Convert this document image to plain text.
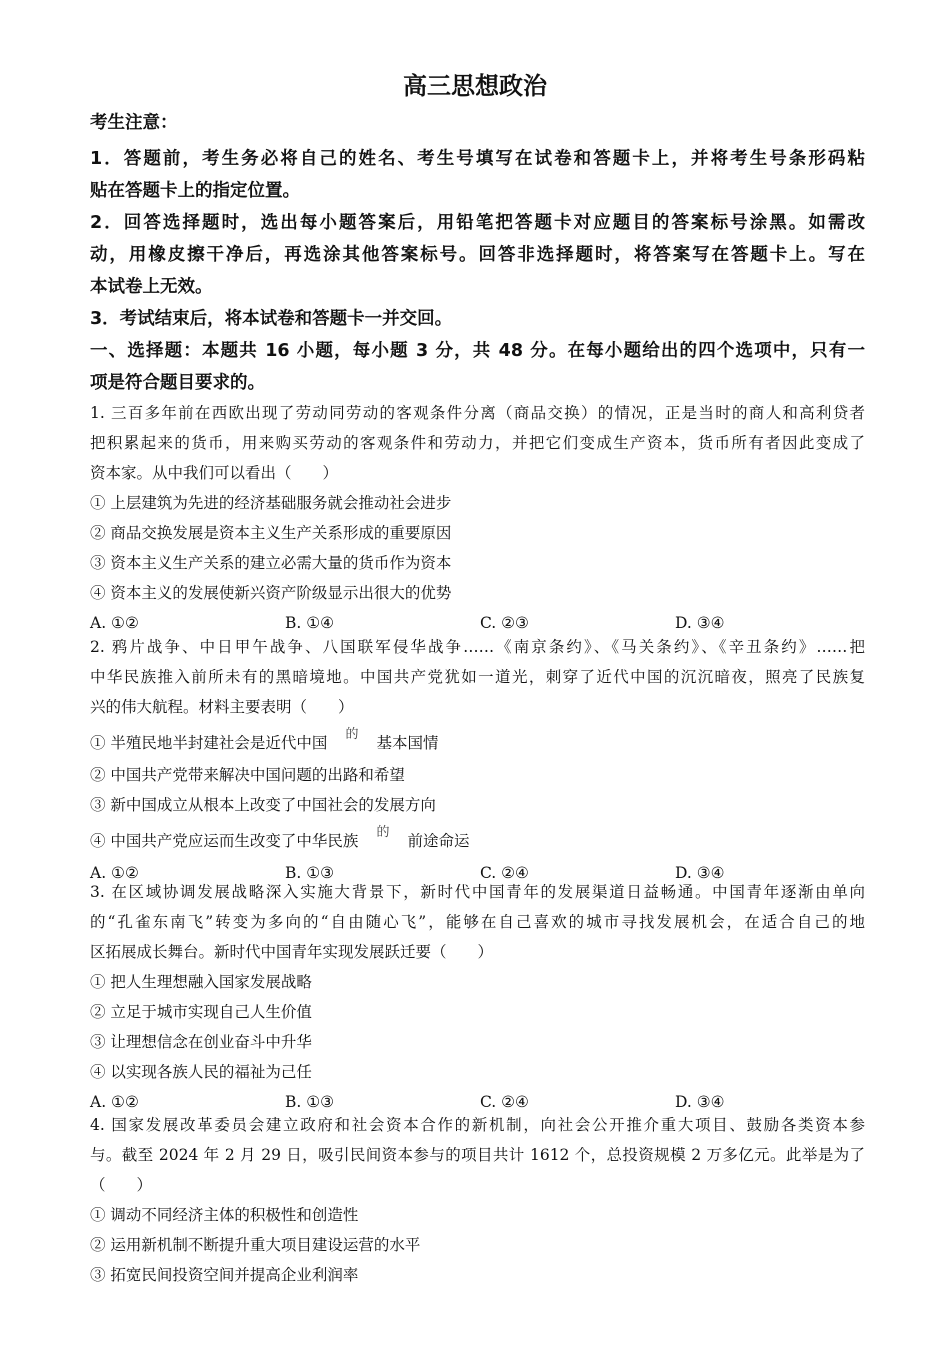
高三思想政治
考生注意：
1．答题前，考生务必将自己的姓名、考生号填写在试卷和答题卡上，并将考生号条形码粘
贴在答题卡上的指定位置。
2．回答选择题时，选出每小题答案后，用铅笔把答题卡对应题目的答案标号涂黑。如需改
动，用橡皮擦干净后，再选涂其他答案标号。回答非选择题时，将答案写在答题卡上。写在
本试卷上无效。
3．考试结束后，将本试卷和答题卡一并交回。
一、选择题：本题共 16 小题，每小题 3 分，共 48 分。在每小题给出的四个选项中，只有一
项是符合题目要求的。
1. 三百多年前在西欧出现了劳动同劳动的客观条件分离（商品交换）的情况，正是当时的商人和高利贷者
把积累起来的货币，用来购买劳动的客观条件和劳动力，并把它们变成生产资本，货币所有者因此变成了
资本家。从中我们可以看出（　　）
① 上层建筑为先进的经济基础服务就会推动社会进步
② 商品交换发展是资本主义生产关系形成的重要原因
③ 资本主义生产关系的建立必需大量的货币作为资本
④ 资本主义的发展使新兴资产阶级显示出很大的优势
A. ①②	B. ①④	C. ②③	D. ③④
2. 鸦片战争、中日甲午战争、八国联军侵华战争……《南京条约》、《马关条约》、《辛丑条约》……把
中华民族推入前所未有的黑暗境地。中国共产党犹如一道光，刺穿了近代中国的沉沉暗夜，照亮了民族复
兴的伟大航程。材料主要表明（　　）
① 半殖民地半封建社会是近代中国 的 基本国情
② 中国共产党带来解决中国问题的出路和希望
③ 新中国成立从根本上改变了中国社会的发展方向
④ 中国共产党应运而生改变了中华民族 的 前途命运
A. ①②	B. ①③	C. ②④	D. ③④
3. 在区域协调发展战略深入实施大背景下，新时代中国青年的发展渠道日益畅通。中国青年逐渐由单向
的“孔雀东南飞”转变为多向的“自由随心飞”，能够在自己喜欢的城市寻找发展机会，在适合自己的地
区拓展成长舞台。新时代中国青年实现发展跃迁要（　　）
① 把人生理想融入国家发展战略
② 立足于城市实现自己人生价值
③ 让理想信念在创业奋斗中升华
④ 以实现各族人民的福祉为己任
A. ①②	B. ①③	C. ②④	D. ③④
4. 国家发展改革委员会建立政府和社会资本合作的新机制，向社会公开推介重大项目、鼓励各类资本参
与。截至 2024 年 2 月 29 日，吸引民间资本参与的项目共计 1612 个，总投资规模 2 万多亿元。此举是为了
（　　）
① 调动不同经济主体的积极性和创造性
② 运用新机制不断提升重大项目建设运营的水平
③ 拓宽民间投资空间并提高企业利润率
